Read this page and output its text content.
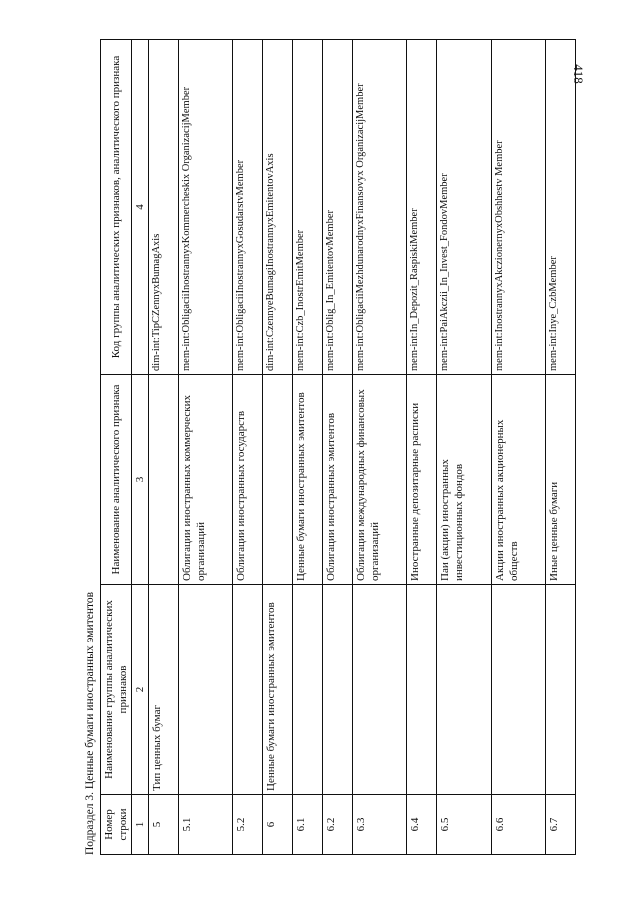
418
Подраздел 3. Ценные бумаги иностранных эмитентов Номер строки	Наименование группы аналитических признаков	Наименование аналитического признака	Код группы аналитических признаков, аналитического признака
1	2	3	4
5	Тип ценных бумаг		dim-int:TipCZennyxBumagAxis
5.1		Облигации иностранных коммерческих организаций	mem-int:ObligaciiInostrannyxKommercheskix OrganizacijMember
5.2		Облигации иностранных государств	mem-int:ObligaciiInostrannyxGosudarstvMember
6	Ценные бумаги иностранных эмитентов		dim-int:CzennyeBumagiInostrannyxEmitentovAxis
6.1		Ценные бумаги иностранных эмитентов	mem-int:Czb_InostrEmitMember
6.2		Облигации иностранных эмитентов	mem-int:Oblig_In_EmitentovMember
6.3		Облигации международных финансовых организаций	mem-int:ObligaciiMezhdunarodnyxFinansovyx OrganizacijMember
6.4		Иностранные депозитарные расписки	mem-int:In_Depozit_RaspiskiMember
6.5		Паи (акции) иностранных инвестиционных фондов	mem-int:PaiAkczii_In_Invest_FondovMember
6.6		Акции иностранных акционерных обществ	mem-int:InostrannyxAkczionernyxObshhestv Member
6.7		Иные ценные бумаги	mem-int:Inye_CzbMember
